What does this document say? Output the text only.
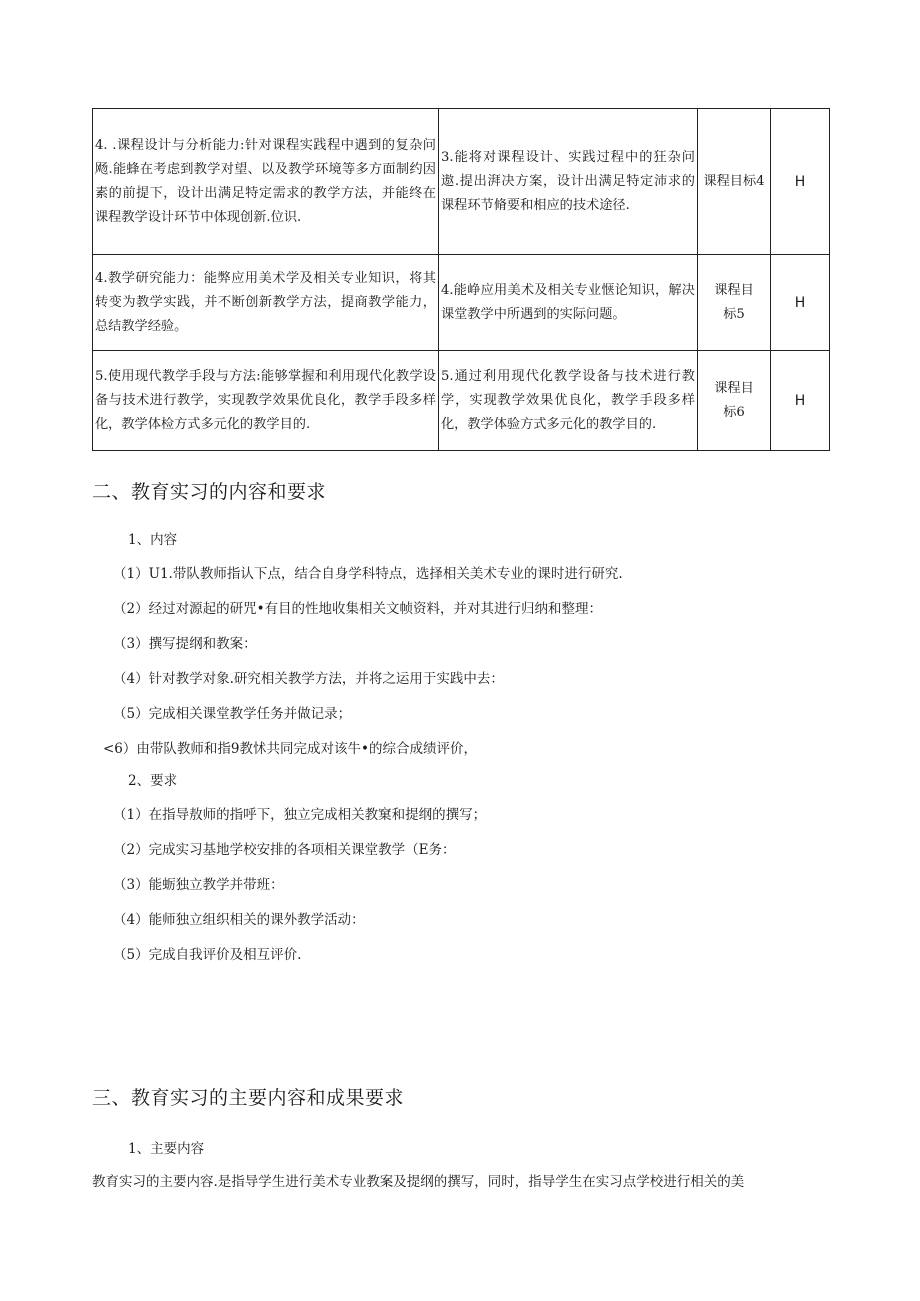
4. .课程设计与分析能力:针对课程实践程中遇到的复杂问飏.能蜂在考虑到教学对望、以及教学环境等多方面制约因素的前提下，设计出满足特定需求的教学方法，并能终在课程教学设计环节中体现创新.位识.	3.能将对课程设计、实践过程中的狂杂问遨.提出湃决方案，设计出满足特定沛求的课程环节脩要和相应的技术途径.	课程目标4	H
4.教学研究能力：能弊应用美术学及相关专业知识，将其转变为教学实践，并不断创新教学方法，提商教学能力，总结教学经验。	4.能峥应用美术及相关专业惬论知识，解决课堂教学中所遇到的实际问题。	课程目标5	H
5.使用现代教学手段与方法:能够掌握和利用现代化教学设备与技术进行教学，实现教学效果优良化，教学手段多样化，教学体检方式多元化的教学目的.	5.通过利用现代化教学设备与技术进行教学，实现教学效果优良化，教学手段多样化，教学体验方式多元化的教学目的.	课程目标6	H
二、教育实习的内容和要求

1、内容

（1）U1.带队教师指认下点，结合自身学科特点，选择相关美术专业的课时进行研究.

（2）经过对源起的研咒•有目的性地收集相关文帧资料，并对其进行归纳和整理：

（3）撰写提纲和教案：

（4）针对教学对象.研究相关教学方法，并将之运用于实践中去：

（5）完成相关课堂教学任务并做记录；

<6）由带队教师和指9教怵共同完成对该牛•的综合成绩评价，

2、要求

（1）在指导敖师的指呼下，独立完成相关教窠和提纲的撰写；

（2）完成实习基地学校安排的各项相关课堂教学（E务：

（3）能蛎独立教学并带班：

（4）能师独立组织相关的课外教学活动：

（5）完成自我评价及相互评价.

三、教育实习的主要内容和成果要求

1、主要内容

教育实习的主要内容.是指导学生进行美术专业教案及提纲的撰写，同时，指导学生在实习点学校进行相关的美
